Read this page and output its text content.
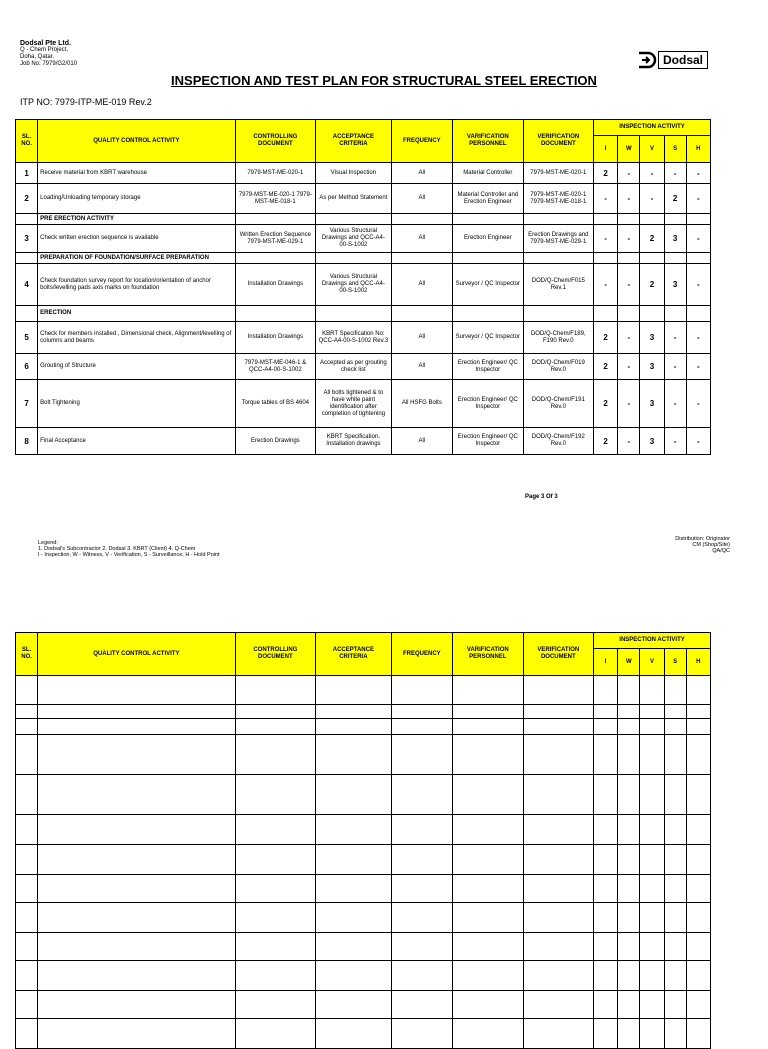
Dodsal Pte Ltd.
Q - Chem Project,
Doha, Qatar.
Job No: 7979/G2/010	Dodsal
INSPECTION AND TEST PLAN FOR STRUCTURAL STEEL ERECTION
ITP NO: 7979-ITP-ME-019 Rev.2
SL. NO.	QUALITY CONTROL ACTIVITY	CONTROLLING DOCUMENT	ACCEPTANCE CRITERIA	FREQUENCY	VARIFICATION PERSONNEL	VERIFICATION DOCUMENT	INSPECTION ACTIVITY				
							I	W	V	S	H
1	Receive material from KBRT warehouse	7979-MST-ME-020-1	Visual Inspection	All	Material Controller	7979-MST-ME-020-1	2	-	-	-	-
2	Loading/Unloading temporary storage	7979-MST-ME-020-1 7979-MST-ME-018-1	As per Method Statement	All	Material Controller and Erection Engineer	7979-MST-ME-020-1 7979-MST-ME-018-1	-	-	-	2	-
	PRE ERECTION ACTIVITY										
3	Check written erection sequence is available	Written Erection Sequence 7979-MST-ME-029-1	Various Structural Drawings and QCC-A4-00-S-1002	All	Erection Engineer	Erection Drawings and 7979-MST-ME-029-1	-	-	2	3	-
	PREPARATION OF FOUNDATION/SURFACE PREPARATION										
4	Check foundation survey report for location/orientation of anchor bolts/levelling pads axis marks on foundation	Installation Drawings	Various Structural Drawings and QCC-A4-00-S-1002	All	Surveyor / QC Inspector	DOD/Q-Chem/F015 Rev.1	-	-	2	3	-
	ERECTION										
5	Check for members installed , Dimensional check, Alignment/levelling of columns and beams	Installation Drawings	KBRT Specification No: QCC-A4-00-S-1002 Rev.3	All	Surveyor / QC Inspector	DOD/Q-Chem/F189, F190 Rev.0	2	-	3	-	-
6	Grouting of Structure	7979-MST-ME-046-1 & QCC-A4-00-S-1002	Accepted as per grouting check list	All	Erection Engineer/ QC Inspector	DOD/Q-Chem/F019 Rev.0	2	-	3	-	-
7	Bolt Tightening	Torque tables of BS 4604	All bolts tightened & to have white paint identification after completion of tightening	All HSFG Bolts	Erection Engineer/ QC Inspector	DOD/Q-Chem/F191 Rev.0	2	-	3	-	-
8	Final Acceptance	Erection Drawings	KBRT Specification, Installation drawings	All	Erection Engineer/ QC Inspector	DOD/Q-Chem/F192 Rev.0	2	-	3	-	-
Page 3 Of 3
Legend:
1. Dodsal's Subcontractor 2. Dodsal 3. KBRT (Client) 4. Q-Chem
I - Inspection, W - Witness, V - Verification, S - Surveillance, H - Hold Point
Distribution: Originator
CM (Shop/Site)
QA/QC
SL. NO.	QUALITY CONTROL ACTIVITY	CONTROLLING DOCUMENT	ACCEPTANCE CRITERIA	FREQUENCY	VARIFICATION PERSONNEL	VERIFICATION DOCUMENT	INSPECTION ACTIVITY				
							I	W	V	S	H
